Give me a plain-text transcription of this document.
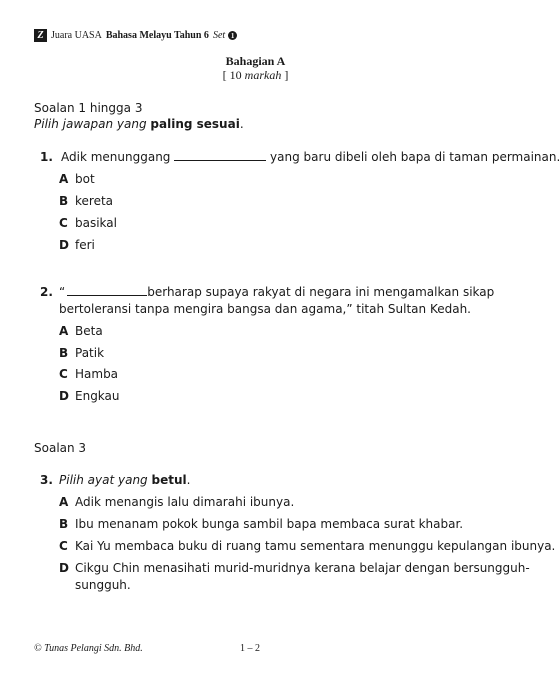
Z Juara UASA Bahasa Melayu Tahun 6 Set 1
Bahagian A
[ 10 markah ]
Soalan 1 hingga 3
Pilih jawapan yang paling sesuai.
1. Adik menunggang	yang baru dibeli oleh bapa di taman permainan.
A bot
B kereta
C basikal
D feri
2. “	berharap supaya rakyat di negara ini mengamalkan sikap
bertoleransi tanpa mengira bangsa dan agama,” titah Sultan Kedah.
A Beta
B Patik
C Hamba
D Engkau
Soalan 3
3. Pilih ayat yang betul.
A Adik menangis lalu dimarahi ibunya.
B Ibu menanam pokok bunga sambil bapa membaca surat khabar.
C Kai Yu membaca buku di ruang tamu sementara menunggu kepulangan ibunya.
D Cikgu Chin menasihati murid-muridnya kerana belajar dengan bersungguh-
sungguh.
© Tunas Pelangi Sdn. Bhd.	1 – 2
